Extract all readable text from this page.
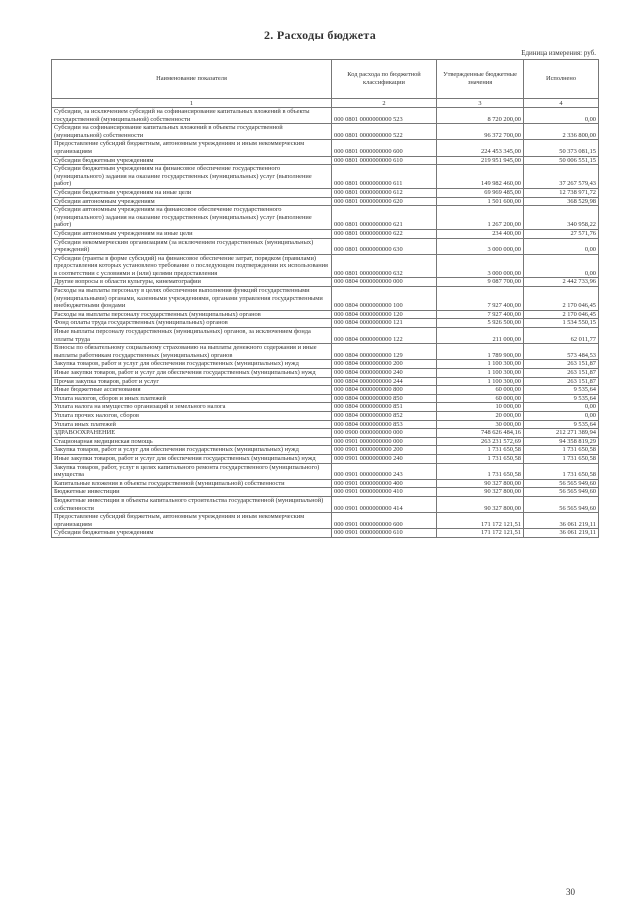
2. Расходы бюджета
Единица измерения: руб.
Наименование показателя	Код расхода по бюджетной классификации	Утвержденные бюджетные значения	Исполнено
1	2	3	4
Субсидии, за исключением субсидий на софинансирование капитальных вложений в объекты государственной (муниципальной) собственности	000 0801 0000000000 523	8 720 200,00	0,00
Субсидии на софинансирование капитальных вложений в объекты государственной (муниципальной) собственности	000 0801 0000000000 522	96 372 700,00	2 336 800,00
Предоставление субсидий бюджетным, автономным учреждениям и иным некоммерческим организациям	000 0801 0000000000 600	224 453 345,00	50 373 081,15
Субсидии бюджетным учреждениям	000 0801 0000000000 610	219 951 945,00	50 006 551,15
Субсидии бюджетным учреждениям на финансовое обеспечение государственного (муниципального) задания на оказание государственных (муниципальных) услуг (выполнение работ)	000 0801 0000000000 611	149 982 460,00	37 267 579,43
Субсидии бюджетным учреждениям на иные цели	000 0801 0000000000 612	69 969 485,00	12 738 971,72
Субсидии автономным учреждениям	000 0801 0000000000 620	1 501 600,00	368 529,98
Субсидии автономным учреждениям на финансовое обеспечение государственного (муниципального) задания на оказание государственных (муниципальных) услуг (выполнение работ)	000 0801 0000000000 621	1 267 200,00	340 958,22
Субсидии автономным учреждениям на иные цели	000 0801 0000000000 622	234 400,00	27 571,76
Субсидии некоммерческим организациям (за исключением государственных (муниципальных) учреждений)	000 0801 0000000000 630	3 000 000,00	0,00
Субсидии (гранты в форме субсидий) на финансовое обеспечение затрат, порядком (правилами) предоставления которых установлено требование о последующем подтверждении их использования в соответствии с условиями и (или) целями предоставления	000 0801 0000000000 632	3 000 000,00	0,00
Другие вопросы в области культуры, кинематографии	000 0804 0000000000 000	9 087 700,00	2 442 733,96
Расходы на выплаты персоналу в целях обеспечения выполнения функций государственными (муниципальными) органами, казенными учреждениями, органами управления государственными внебюджетными фондами	000 0804 0000000000 100	7 927 400,00	2 170 046,45
Расходы на выплаты персоналу государственных (муниципальных) органов	000 0804 0000000000 120	7 927 400,00	2 170 046,45
Фонд оплаты труда государственных (муниципальных) органов	000 0804 0000000000 121	5 926 500,00	1 534 550,15
Иные выплаты персоналу государственных (муниципальных) органов, за исключением фонда оплаты труда	000 0804 0000000000 122	211 000,00	62 011,77
Взносы по обязательному социальному страхованию на выплаты денежного содержания и иные выплаты работникам государственных (муниципальных) органов	000 0804 0000000000 129	1 789 900,00	573 484,53
Закупка товаров, работ и услуг для обеспечения государственных (муниципальных) нужд	000 0804 0000000000 200	1 100 300,00	263 151,87
Иные закупки товаров, работ и услуг для обеспечения государственных (муниципальных) нужд	000 0804 0000000000 240	1 100 300,00	263 151,87
Прочая закупка товаров, работ и услуг	000 0804 0000000000 244	1 100 300,00	263 151,87
Иные бюджетные ассигнования	000 0804 0000000000 800	60 000,00	9 535,64
Уплата налогов, сборов и иных платежей	000 0804 0000000000 850	60 000,00	9 535,64
Уплата налога на имущество организаций и земельного налога	000 0804 0000000000 851	10 000,00	0,00
Уплата прочих налогов, сборов	000 0804 0000000000 852	20 000,00	0,00
Уплата иных платежей	000 0804 0000000000 853	30 000,00	9 535,64
ЗДРАВООХРАНЕНИЕ	000 0900 0000000000 000	748 626 484,16	212 271 389,94
Стационарная медицинская помощь	000 0901 0000000000 000	263 231 572,69	94 358 819,29
Закупка товаров, работ и услуг для обеспечения государственных (муниципальных) нужд	000 0901 0000000000 200	1 731 650,58	1 731 650,58
Иные закупки товаров, работ и услуг для обеспечения государственных (муниципальных) нужд	000 0901 0000000000 240	1 731 650,58	1 731 650,58
Закупка товаров, работ, услуг в целях капитального ремонта государственного (муниципального) имущества	000 0901 0000000000 243	1 731 650,58	1 731 650,58
Капитальные вложения в объекты государственной (муниципальной) собственности	000 0901 0000000000 400	90 327 800,00	56 565 949,60
Бюджетные инвестиции	000 0901 0000000000 410	90 327 800,00	56 565 949,60
Бюджетные инвестиции в объекты капитального строительства государственной (муниципальной) собственности	000 0901 0000000000 414	90 327 800,00	56 565 949,60
Предоставление субсидий бюджетным, автономным учреждениям и иным некоммерческим организациям	000 0901 0000000000 600	171 172 121,51	36 061 219,11
Субсидии бюджетным учреждениям	000 0901 0000000000 610	171 172 121,51	36 061 219,11
30
